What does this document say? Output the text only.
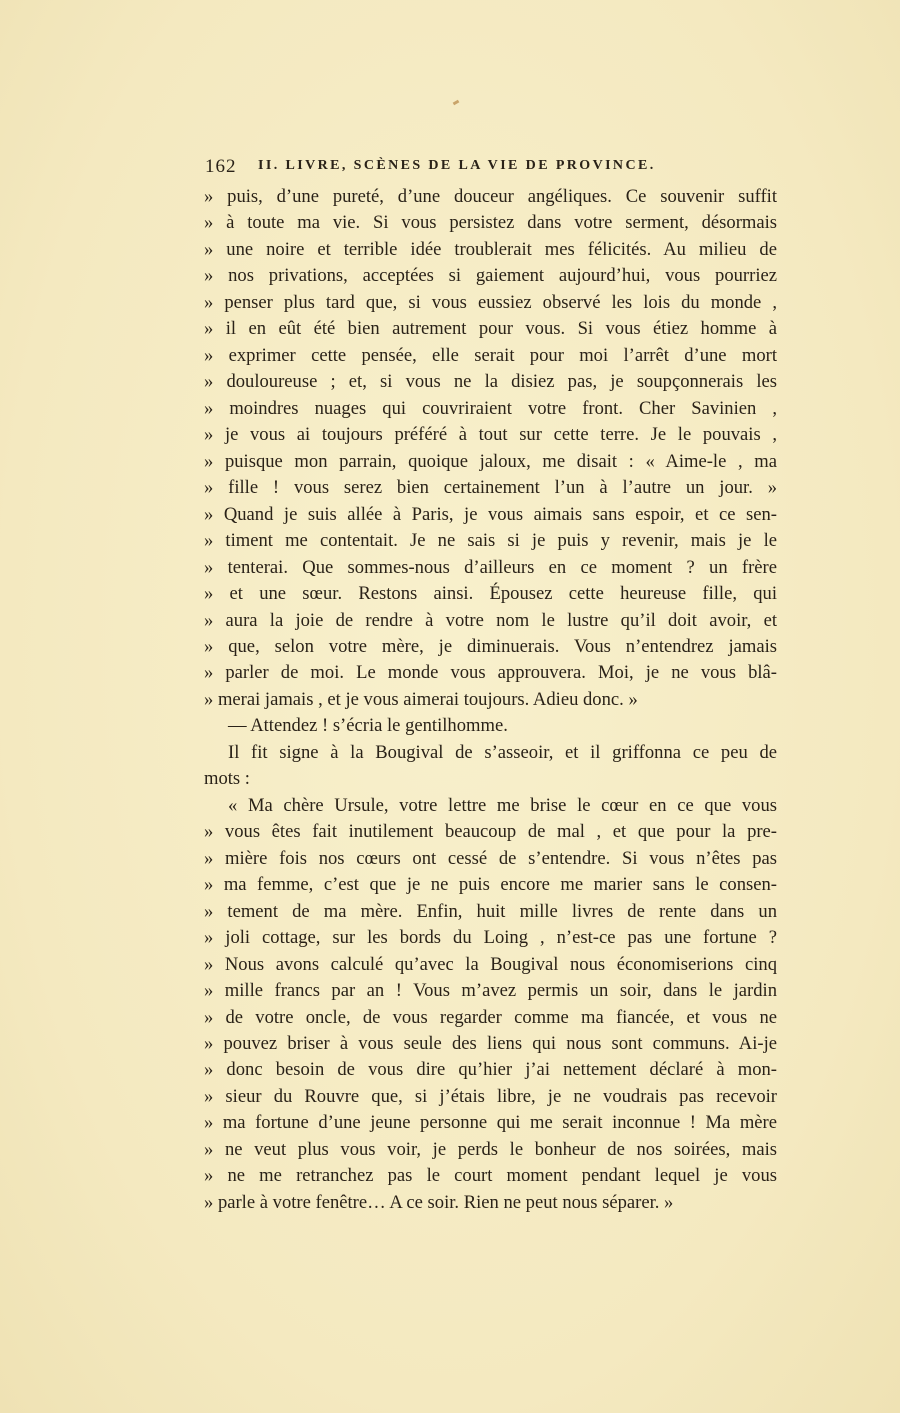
162 II. LIVRE, SCÈNES DE LA VIE DE PROVINCE.
» puis, d’une pureté, d’une douceur angéliques. Ce souvenir suffit
» à toute ma vie. Si vous persistez dans votre serment, désormais
» une noire et terrible idée troublerait mes félicités. Au milieu de
» nos privations, acceptées si gaiement aujourd’hui, vous pourriez
» penser plus tard que, si vous eussiez observé les lois du monde ,
» il en eût été bien autrement pour vous. Si vous étiez homme à
» exprimer cette pensée, elle serait pour moi l’arrêt d’une mort
» douloureuse ; et, si vous ne la disiez pas, je soupçonnerais les
» moindres nuages qui couvriraient votre front. Cher Savinien ,
» je vous ai toujours préféré à tout sur cette terre. Je le pouvais ,
» puisque mon parrain, quoique jaloux, me disait : « Aime-le , ma
» fille ! vous serez bien certainement l’un à l’autre un jour. »
» Quand je suis allée à Paris, je vous aimais sans espoir, et ce sen-
» timent me contentait. Je ne sais si je puis y revenir, mais je le
» tenterai. Que sommes-nous d’ailleurs en ce moment ? un frère
» et une sœur. Restons ainsi. Épousez cette heureuse fille, qui
» aura la joie de rendre à votre nom le lustre qu’il doit avoir, et
» que, selon votre mère, je diminuerais. Vous n’entendrez jamais
» parler de moi. Le monde vous approuvera. Moi, je ne vous blâ-
» merai jamais , et je vous aimerai toujours. Adieu donc. »
— Attendez ! s’écria le gentilhomme.
Il fit signe à la Bougival de s’asseoir, et il griffonna ce peu de
mots :
« Ma chère Ursule, votre lettre me brise le cœur en ce que vous
» vous êtes fait inutilement beaucoup de mal , et que pour la pre-
» mière fois nos cœurs ont cessé de s’entendre. Si vous n’êtes pas
» ma femme, c’est que je ne puis encore me marier sans le consen-
» tement de ma mère. Enfin, huit mille livres de rente dans un
» joli cottage, sur les bords du Loing , n’est-ce pas une fortune ?
» Nous avons calculé qu’avec la Bougival nous économiserions cinq
» mille francs par an ! Vous m’avez permis un soir, dans le jardin
» de votre oncle, de vous regarder comme ma fiancée, et vous ne
» pouvez briser à vous seule des liens qui nous sont communs. Ai-je
» donc besoin de vous dire qu’hier j’ai nettement déclaré à mon-
» sieur du Rouvre que, si j’étais libre, je ne voudrais pas recevoir
» ma fortune d’une jeune personne qui me serait inconnue ! Ma mère
» ne veut plus vous voir, je perds le bonheur de nos soirées, mais
» ne me retranchez pas le court moment pendant lequel je vous
» parle à votre fenêtre… A ce soir. Rien ne peut nous séparer. »
